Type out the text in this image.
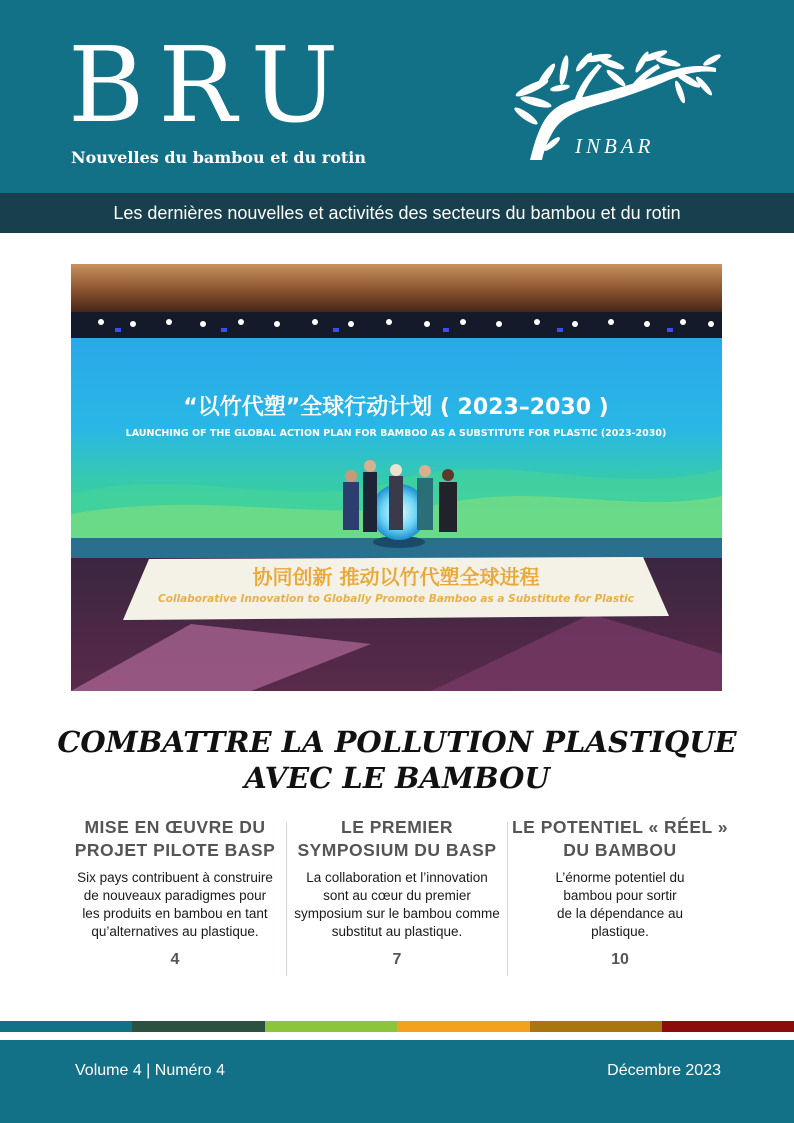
BRU
Nouvelles du bambou et du rotin	INBAR
Les dernières nouvelles et activités des secteurs du bambou et du rotin
“以竹代塑”全球行动计划 ( 2023–2030 )
LAUNCHING OF THE GLOBAL ACTION PLAN FOR BAMBOO AS A SUBSTITUTE FOR PLASTIC (2023-2030)
协同创新 推动以竹代塑全球进程
Collaborative Innovation to Globally Promote Bamboo as a Substitute for Plastic
COMBATTRE LA POLLUTION PLASTIQUE
AVEC LE BAMBOU
MISE EN ŒUVRE DU
PROJET PILOTE BASP

Six pays contribuent à construire
de nouveaux paradigmes pour
les produits en bambou en tant
qu’alternatives au plastique.

4
LE PREMIER
SYMPOSIUM DU BASP

La collaboration et l’innovation
sont au cœur du premier
symposium sur le bambou comme
substitut au plastique.

7
LE POTENTIEL « RÉEL »
DU BAMBOU

L’énorme potentiel du
bambou pour sortir
de la dépendance au
plastique.

10
Volume 4 | Numéro 4	Décembre 2023
